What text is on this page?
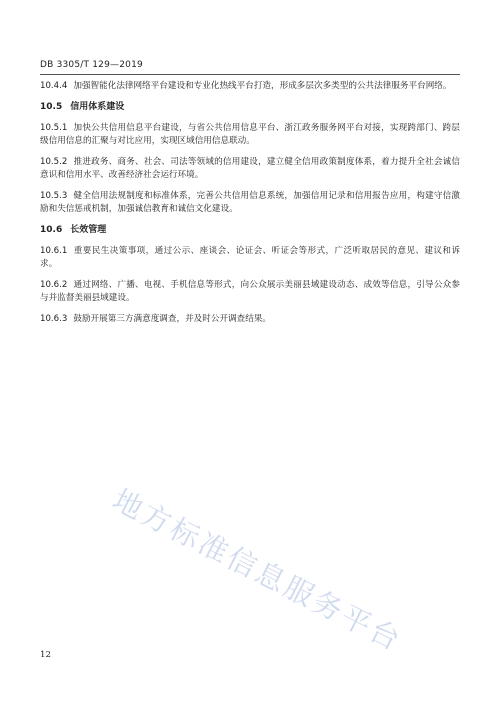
DB 3305/T 129—2019

10.4.4 加强智能化法律网络平台建设和专业化热线平台打造，形成多层次多类型的公共法律服务平台网络。

10.5 信用体系建设

10.5.1 加快公共信用信息平台建设，与省公共信用信息平台、浙江政务服务网平台对接，实现跨部门、跨层级信用信息的汇聚与对比应用，实现区域信用信息联动。

10.5.2 推进政务、商务、社会、司法等领域的信用建设，建立健全信用政策制度体系，着力提升全社会诚信意识和信用水平、改善经济社会运行环境。

10.5.3 健全信用法规制度和标准体系，完善公共信用信息系统，加强信用记录和信用报告应用，构建守信激励和失信惩戒机制，加强诚信教育和诚信文化建设。

10.6 长效管理

10.6.1 重要民生决策事项，通过公示、座谈会、论证会、听证会等形式，广泛听取居民的意见、建议和诉求。

10.6.2 通过网络、广播、电视、手机信息等形式，向公众展示美丽县域建设动态、成效等信息，引导公众参与并监督美丽县域建设。

10.6.3 鼓励开展第三方满意度调查，并及时公开调查结果。

地方标准信息服务平台
12
